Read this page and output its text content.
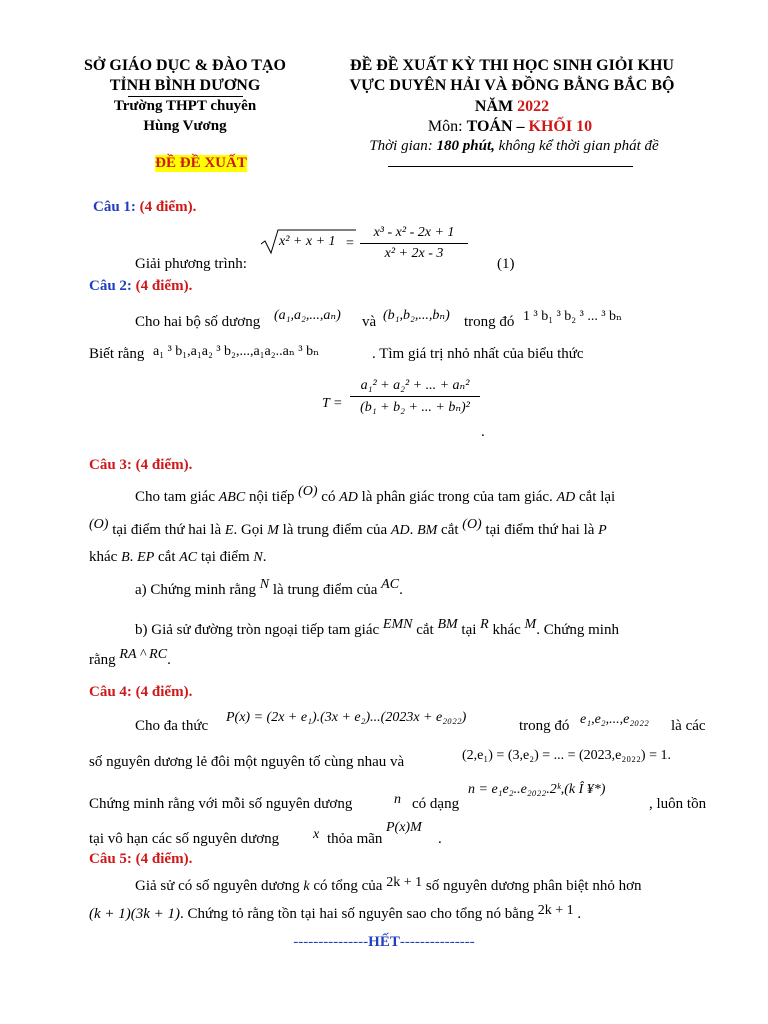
SỞ GIÁO DỤC & ĐÀO TẠO
TỈNH BÌNH DƯƠNG
Trường THPT chuyên
Hùng Vương
ĐỀ ĐỀ XUẤT
ĐỀ ĐỀ XUẤT KỲ THI HỌC SINH GIỎI KHU
VỰC DUYÊN HẢI VÀ ĐỒNG BẰNG BẮC BỘ
NĂM 2022
Môn: TOÁN – KHỐI 10
Thời gian: 180 phút, không kể thời gian phát đề
Câu 1: (4 điểm).
Giải phương trình:
x² + x + 1 =
x³ - x² - 2x + 1
x² + 2x - 3
(1)
Câu 2: (4 điểm).
Cho hai bộ số dương (a₁,a₂,...,aₙ) và (b₁,b₂,...,bₙ) trong đó 1 ³ b₁ ³ b₂ ³ ... ³ bₙ
Biết rằng a₁ ³ b₁,a₁a₂ ³ b₂,...,a₁a₂..aₙ ³ bₙ	. Tìm giá trị nhỏ nhất của biểu thức
T =
a₁² + a₂² + ... + aₙ²
(b₁ + b₂ + ... + bₙ)²
.
Câu 3: (4 điểm).
Cho tam giác ABC nội tiếp (O) có AD là phân giác trong của tam giác. AD cắt lại
(O) tại điểm thứ hai là E. Gọi M là trung điểm của AD. BM cắt (O) tại điểm thứ hai là P
khác B. EP cắt AC tại điểm N.
a) Chứng minh rằng N là trung điểm của AC.
b) Giả sử đường tròn ngoại tiếp tam giác EMN cắt BM tại R khác M. Chứng minh
rằng RA ^ RC.
Câu 4: (4 điểm).
Cho đa thức
P(x) = (2x + e₁).(3x + e₂)...(2023x + e₂₀₂₂)
trong đó e₁,e₂,...,e₂₀₂₂ là các
số nguyên dương lẻ đôi một nguyên tố cùng nhau và	(2,e₁) = (3,e₂) = ... = (2023,e₂₀₂₂) = 1.
Chứng minh rằng với mỗi số nguyên dương	n có dạng
n = e₁e₂..e₂₀₂₂.2ᵏ,(k Î ¥*)
, luôn tồn
tại vô hạn các số nguyên dương x thỏa mãn
P(x)M
.
Câu 5: (4 điểm).
Giả sử có số nguyên dương k có tổng của 2k + 1 số nguyên dương phân biệt nhỏ hơn
(k + 1)(3k + 1). Chứng tỏ rằng tồn tại hai số nguyên sao cho tổng nó bằng 2k + 1 .
---------------HẾT---------------
